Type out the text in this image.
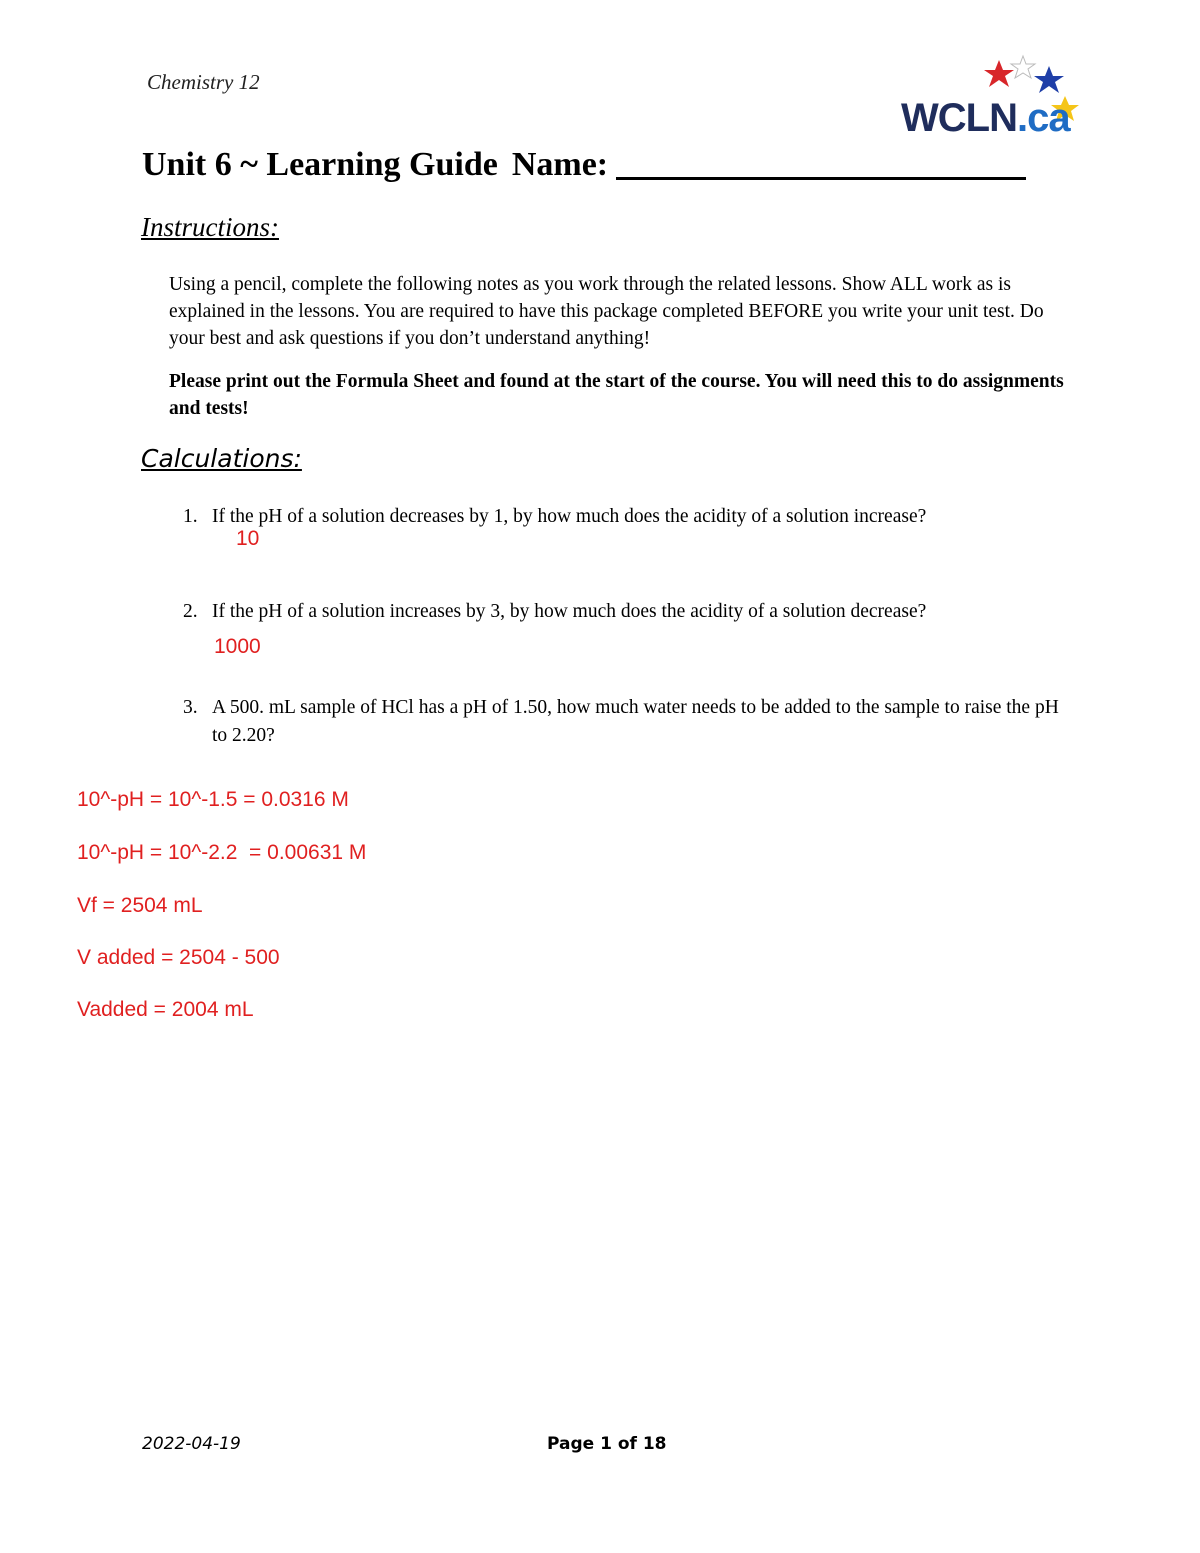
Chemistry 12
WCLN.ca
Unit 6 ~ Learning Guide Name:
Instructions:
Using a pencil, complete the following notes as you work through the related lessons. Show ALL work as is explained in the lessons. You are required to have this package completed BEFORE you write your unit test. Do your best and ask questions if you don’t understand anything!
Please print out the Formula Sheet and found at the start of the course. You will need this to do assignments and tests!
Calculations:
1. If the pH of a solution decreases by 1, by how much does the acidity of a solution increase?
10
2. If the pH of a solution increases by 3, by how much does the acidity of a solution decrease?
1000
3. A 500. mL sample of HCl has a pH of 1.50, how much water needs to be added to the sample to raise the pH to 2.20?
10^-pH = 10^-1.5 = 0.0316 M
10^-pH = 10^-2.2  = 0.00631 M
Vf = 2504 mL
V added = 2504 - 500
Vadded = 2004 mL
2022-04-19	Page 1 of 18
